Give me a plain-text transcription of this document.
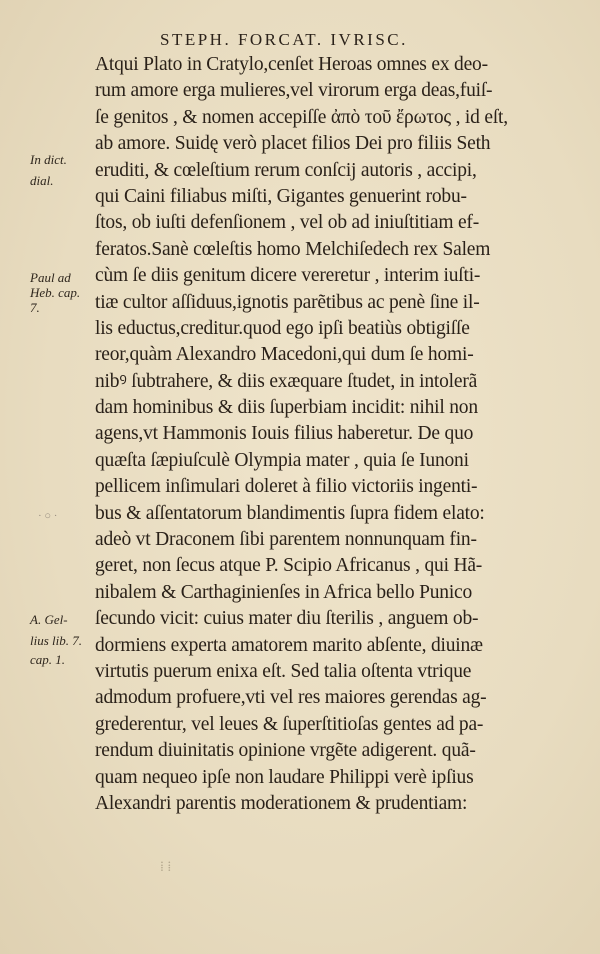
STEPH. FORCAT. IVRISC.
In dict.
dial.
Paul ad
Heb. cap.
7.
A. Gel-
lius lib. 7.
cap. 1.
· ○ ·
Atqui Plato in Cratylo,cenſet Heroas omnes ex deo-
rum amore erga mulieres,vel virorum erga deas,fuiſ-
ſe genitos , & nomen accepiſſe ἀπὸ τοῦ ἔρωτος , id eſt,
ab amore. Suidę verò placet filios Dei pro filiis Seth
eruditi, & cœleſtium rerum conſcij autoris , accipi,
qui Caini filiabus miſti, Gigantes genuerint robu-
ſtos, ob iuſti defenſionem , vel ob ad iniuſtitiam ef-
feratos.Sanè cœleſtis homo Melchiſedech rex Salem
cùm ſe diis genitum dicere vereretur , interim iuſti-
tiæ cultor aſſiduus,ignotis parẽtibus ac penè ſine il-
lis eductus,creditur.quod ego ipſi beatiùs obtigiſſe
reor,quàm Alexandro Macedoni,qui dum ſe homi-
nibꝰ ſubtrahere, & diis exæquare ſtudet, in intolerã
dam hominibus & diis ſuperbiam incidit: nihil non
agens,vt Hammonis Iouis filius haberetur. De quo
quæſta ſæpiuſculè Olympia mater , quia ſe Iunoni
pellicem inſimulari doleret à filio victoriis ingenti-
bus & aſſentatorum blandimentis ſupra fidem elato:
adeò vt Draconem ſibi parentem nonnunquam fin-
geret, non ſecus atque P. Scipio Africanus , qui Hã-
nibalem & Carthaginienſes in Africa bello Punico
ſecundo vicit: cuius mater diu ſterilis , anguem ob-
dormiens experta amatorem marito abſente, diuinæ
virtutis puerum enixa eſt. Sed talia oſtenta vtrique
admodum profuere,vti vel res maiores gerendas ag-
grederentur, vel leues & ſuperſtitioſas gentes ad pa-
rendum diuinitatis opinione vrgẽte adigerent. quã-
quam nequeo ipſe non laudare Philippi verè ipſius
Alexandri parentis moderationem & prudentiam:
⁞ ⁞
